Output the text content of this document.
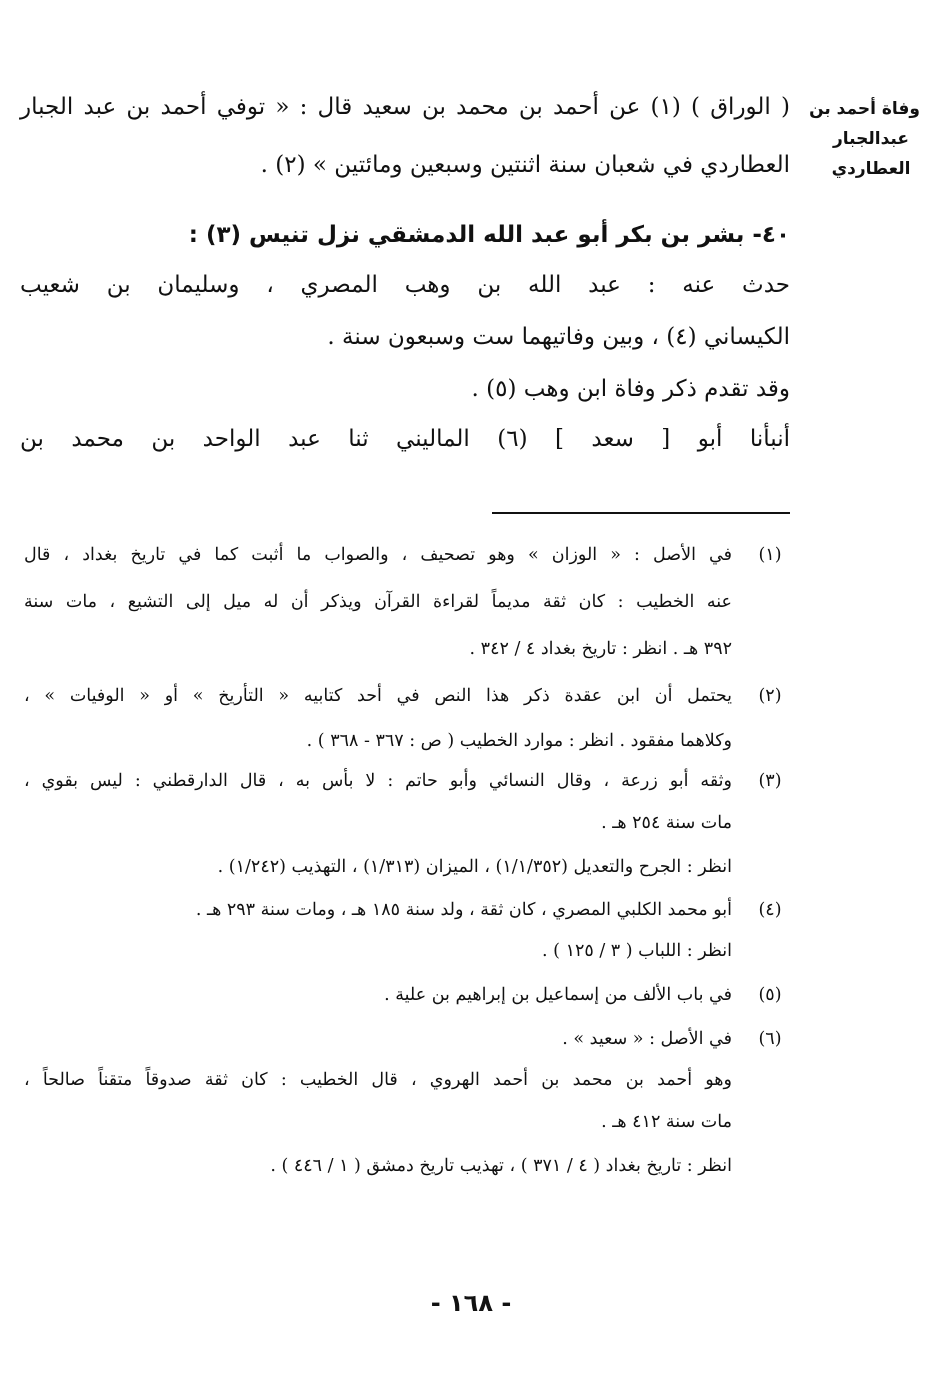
وفاة أحمد بن
عبدالجبار
العطاردي
( الوراق ) (١) عن أحمد بن محمد بن سعيد قال : « توفي أحمد بن عبد الجبار
العطاردي في شعبان سنة اثنتين وسبعين ومائتين » (٢) .
٤٠- بشر بن بكر أبو عبد الله الدمشقي نزل تنيس (٣) :
حدث عنه : عبد الله بن وهب المصري ، وسليمان بن شعيب
الكيساني (٤) ، وبين وفاتيهما ست وسبعون سنة .
وقد تقدم ذكر وفاة ابن وهب (٥) .
أنبأنا أبو [ سعد ] (٦) الماليني ثنا عبد الواحد بن محمد بن
(١)
في الأصل : « الوزان » وهو تصحيف ، والصواب ما أثبت كما في تاريخ بغداد ، قال
عنه الخطيب : كان ثقة مديماً لقراءة القرآن ويذكر أن له ميل إلى التشيع ، مات سنة
٣٩٢ هـ . انظر : تاريخ بغداد ٤ / ٣٤٢ .
(٢)
يحتمل أن ابن عقدة ذكر هذا النص في أحد كتابيه « التأريخ » أو « الوفيات » ،
وكلاهما مفقود . انظر : موارد الخطيب ( ص : ٣٦٧ - ٣٦٨ ) .
(٣)
وثقه أبو زرعة ، وقال النسائي وأبو حاتم : لا بأس به ، قال الدارقطني : ليس بقوي ،
مات سنة ٢٥٤ هـ .
انظر : الجرح والتعديل (١/١/٣٥٢) ، الميزان (١/٣١٣) ، التهذيب (١/٢٤٢) .
(٤)
أبو محمد الكلبي المصري ، كان ثقة ، ولد سنة ١٨٥ هـ ، ومات سنة ٢٩٣ هـ .
انظر : اللباب ( ٣ / ١٢٥ ) .
(٥)
في باب الألف من إسماعيل بن إبراهيم بن علية .
(٦)
في الأصل : « سعيد » .
وهو أحمد بن محمد بن أحمد الهروي ، قال الخطيب : كان ثقة صدوقاً متقناً صالحاً ،
مات سنة ٤١٢ هـ .
انظر : تاريخ بغداد ( ٤ / ٣٧١ ) ، تهذيب تاريخ دمشق ( ١ / ٤٤٦ ) .
- ١٦٨ -
